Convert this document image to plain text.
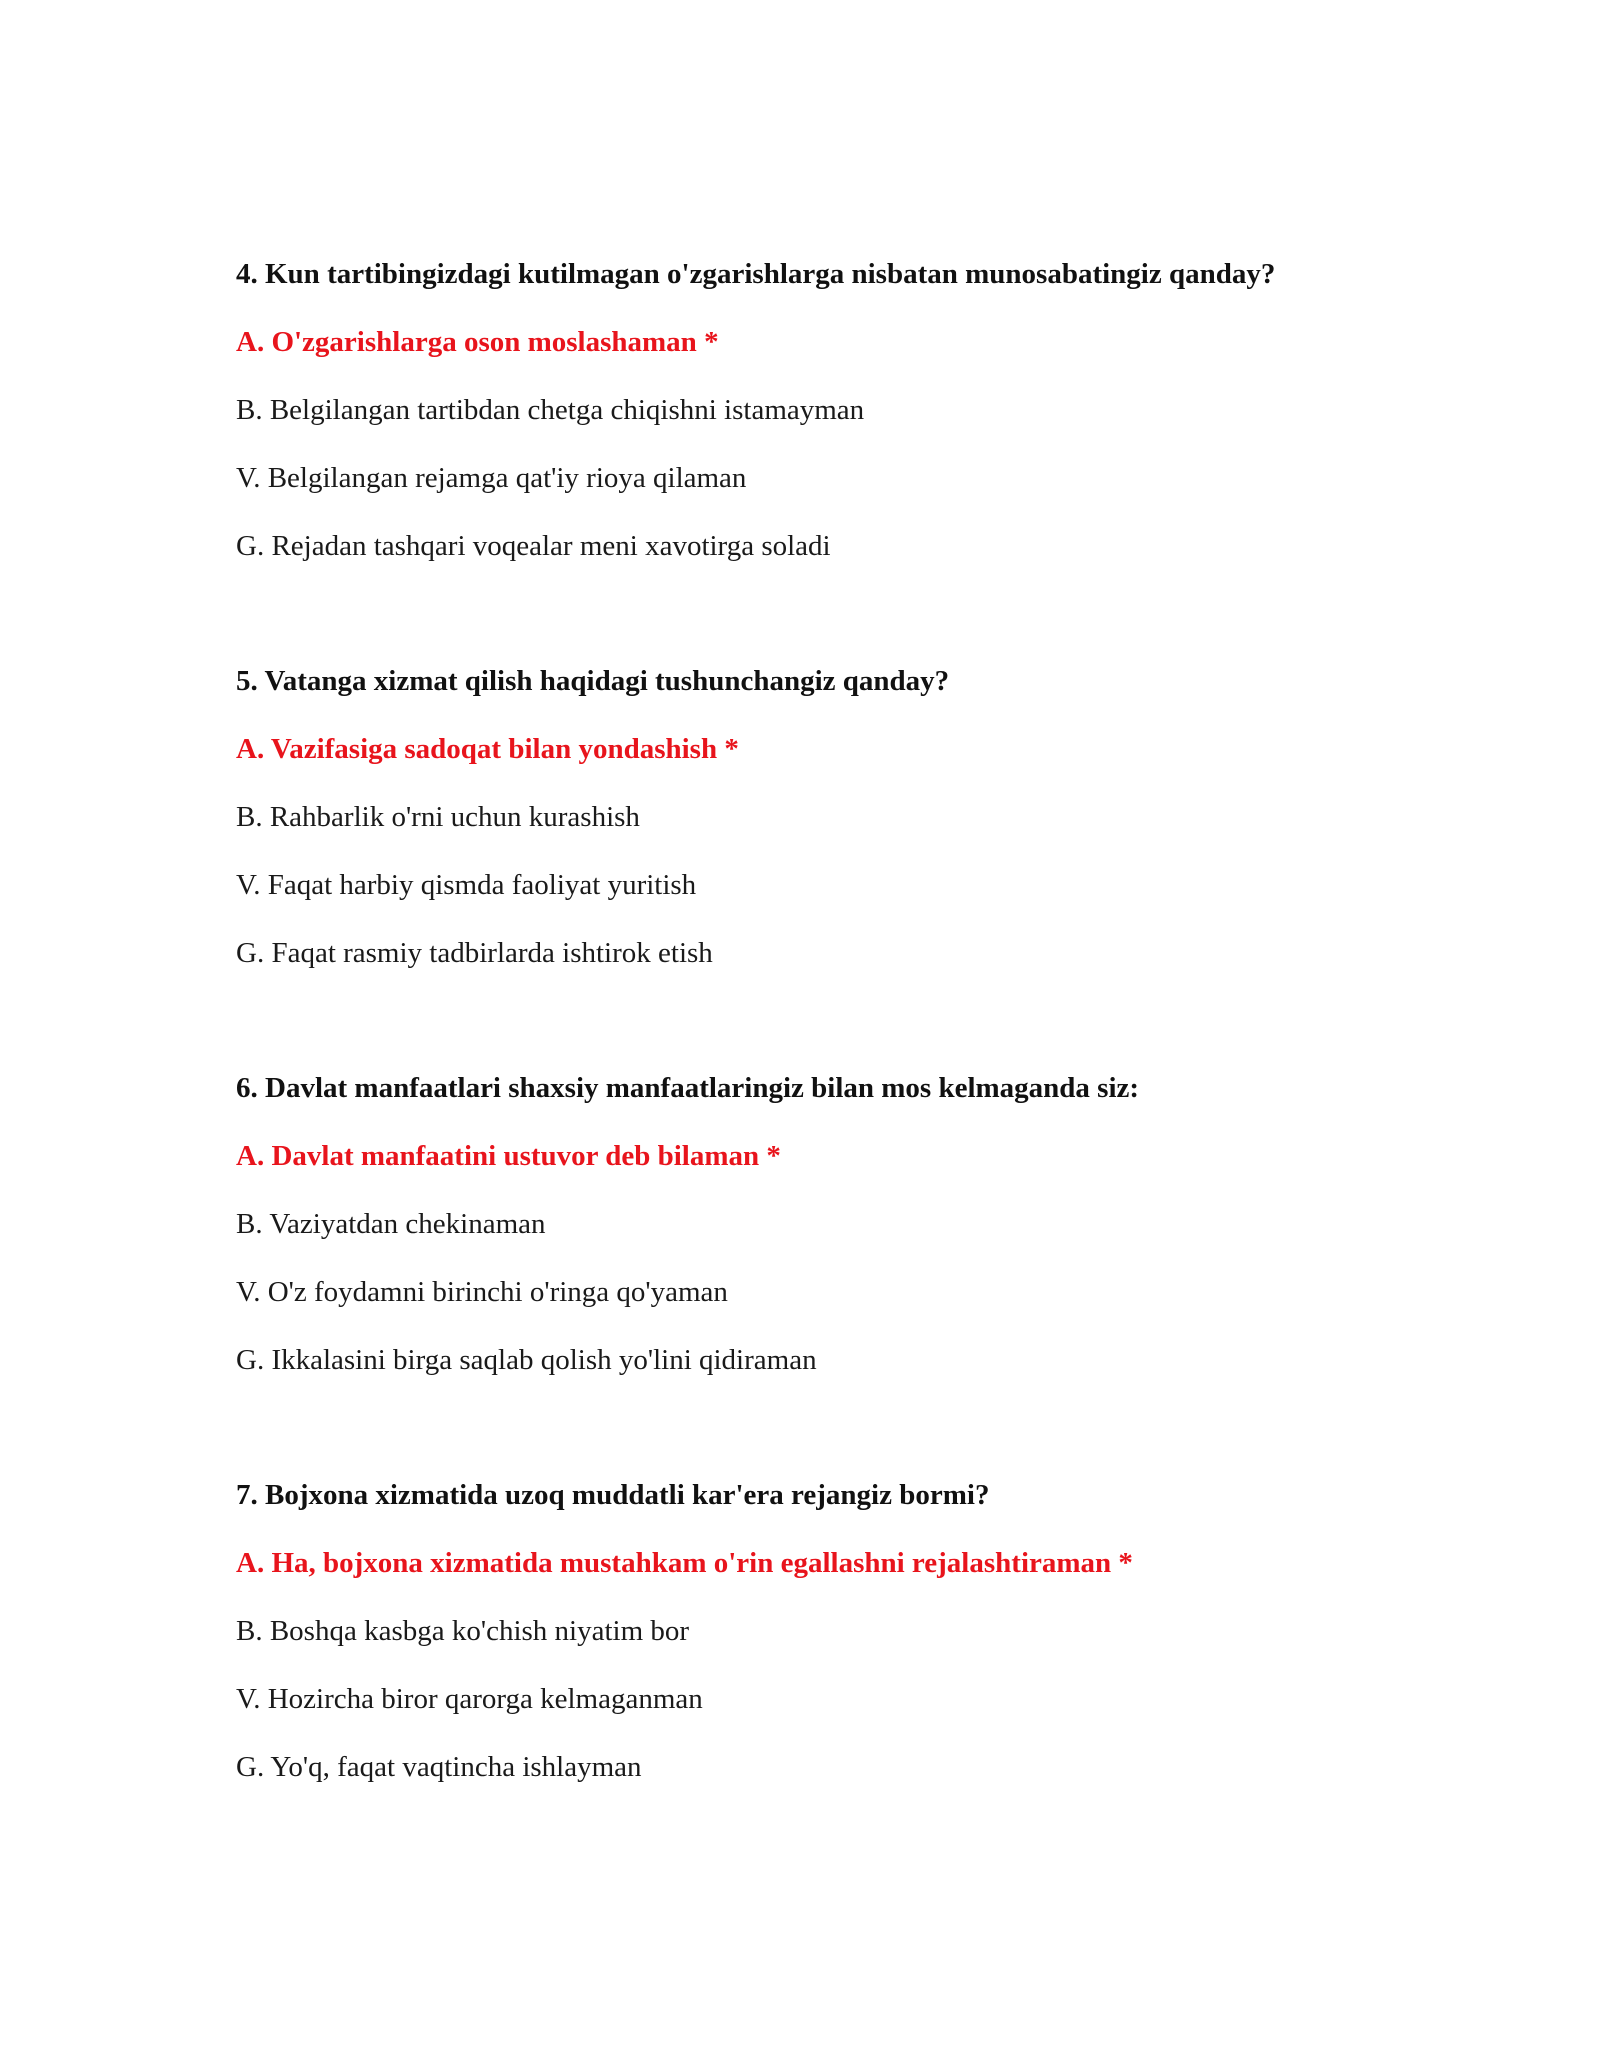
4. Kun tartibingizdagi kutilmagan o'zgarishlarga nisbatan munosabatingiz qanday?
A. O'zgarishlarga oson moslashaman *
B. Belgilangan tartibdan chetga chiqishni istamayman
V. Belgilangan rejamga qat'iy rioya qilaman
G. Rejadan tashqari voqealar meni xavotirga soladi
5. Vatanga xizmat qilish haqidagi tushunchangiz qanday?
A. Vazifasiga sadoqat bilan yondashish *
B. Rahbarlik o'rni uchun kurashish
V. Faqat harbiy qismda faoliyat yuritish
G. Faqat rasmiy tadbirlarda ishtirok etish
6. Davlat manfaatlari shaxsiy manfaatlaringiz bilan mos kelmaganda siz:
A. Davlat manfaatini ustuvor deb bilaman *
B. Vaziyatdan chekinaman
V. O'z foydamni birinchi o'ringa qo'yaman
G. Ikkalasini birga saqlab qolish yo'lini qidiraman
7. Bojxona xizmatida uzoq muddatli kar'era rejangiz bormi?
A. Ha, bojxona xizmatida mustahkam o'rin egallashni rejalashtiraman *
B. Boshqa kasbga ko'chish niyatim bor
V. Hozircha biror qarorga kelmaganman
G. Yo'q, faqat vaqtincha ishlayman
